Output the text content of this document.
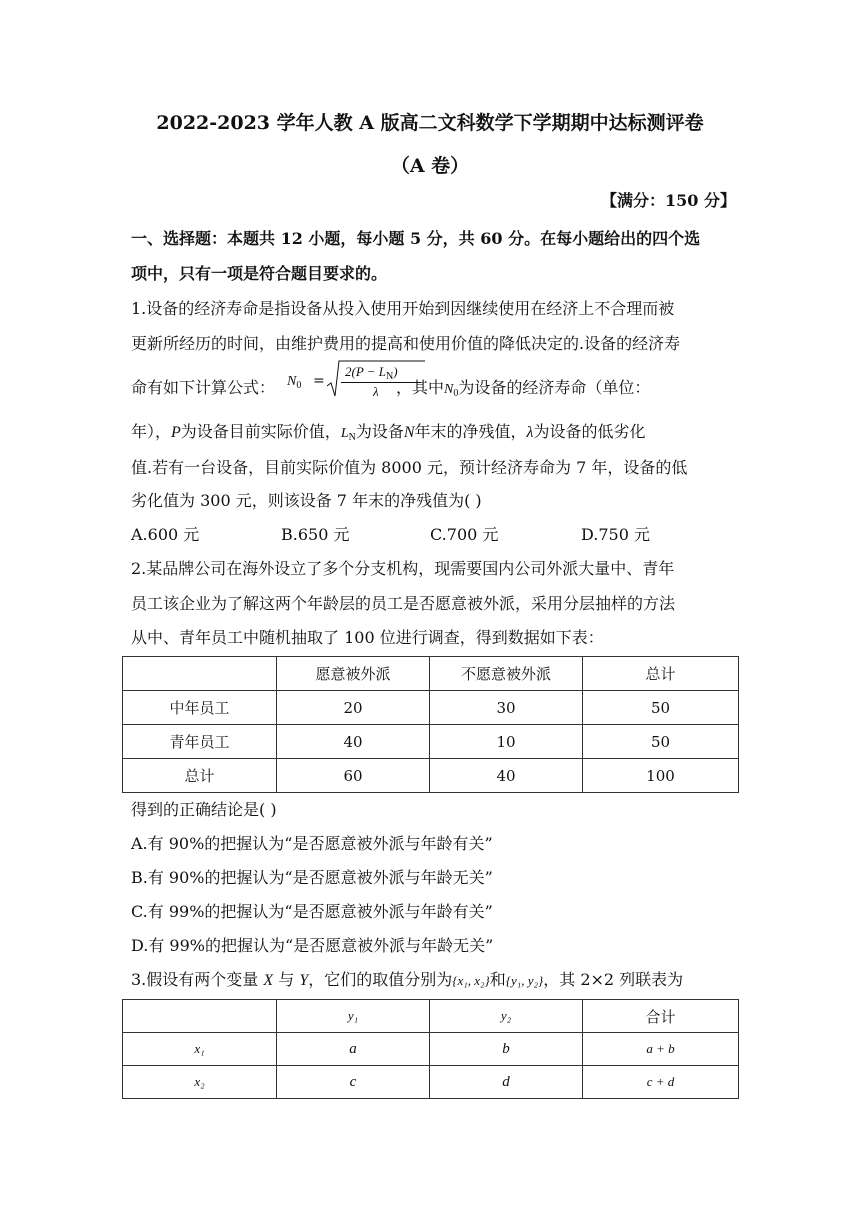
2022-2023 学年人教 A 版高二文科数学下学期期中达标测评卷
（A 卷）
【满分：150 分】
一、选择题：本题共 12 小题，每小题 5 分，共 60 分。在每小题给出的四个选
项中，只有一项是符合题目要求的。
1.设备的经济寿命是指设备从投入使用开始到因继续使用在经济上不合理而被
更新所经历的时间，由维护费用的提高和使用价值的降低决定的.设备的经济寿
命有如下计算公式： $N_0$ =
$2(P - L_N)$
λ ，其中$N_0$为设备的经济寿命（单位：
年），P为设备目前实际价值，$L_N$为设备N年末的净残值，λ为设备的低劣化
值.若有一台设备，目前实际价值为 8000 元，预计经济寿命为 7 年，设备的低
劣化值为 300 元，则该设备 7 年末的净残值为( )
A.600 元	B.650 元	C.700 元	D.750 元
2.某品牌公司在海外设立了多个分支机构，现需要国内公司外派大量中、青年
员工该企业为了解这两个年龄层的员工是否愿意被外派，采用分层抽样的方法
从中、青年员工中随机抽取了 100 位进行调查，得到数据如下表：
	愿意被外派	不愿意被外派	总计
中年员工	20	30	50
青年员工	40	10	50
总计	60	40	100
得到的正确结论是( )
A.有 90%的把握认为“是否愿意被外派与年龄有关”
B.有 90%的把握认为“是否愿意被外派与年龄无关”
C.有 99%的把握认为“是否愿意被外派与年龄有关”
D.有 99%的把握认为“是否愿意被外派与年龄无关”
3.假设有两个变量 X 与 Y，它们的取值分别为{x₁, x₂}和{y₁, y₂}，其 2×2 列联表为
	y₁	y₂	合计
x₁	a	b	a + b
x₂	c	d	c + d
